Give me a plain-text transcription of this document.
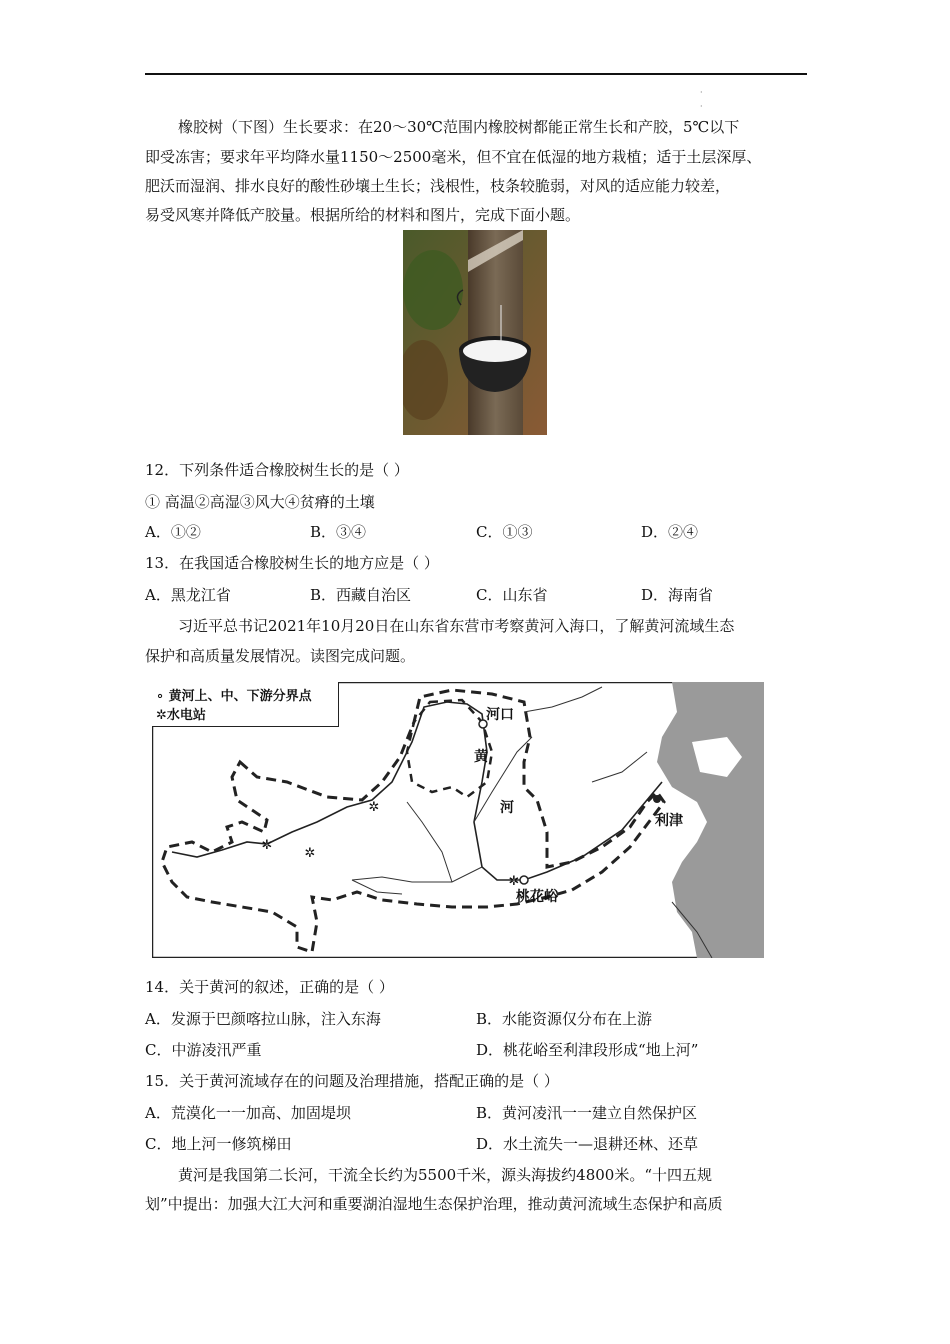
·
·
橡胶树（下图）生长要求：在20～30℃范围内橡胶树都能正常生长和产胶，5℃以下
即受冻害；要求年平均降水量1150～2500毫米，但不宜在低湿的地方栽植；适于土层深厚、
肥沃而湿润、排水良好的酸性砂壤土生长；浅根性，枝条较脆弱，对风的适应能力较差，
易受风寒并降低产胶量。根据所给的材料和图片，完成下面小题。
12．下列条件适合橡胶树生长的是（ ）
① 高温②高湿③风大④贫瘠的土壤
A．①②	B．③④	C．①③	D．②④
13．在我国适合橡胶树生长的地方应是（ ）
A．黑龙江省	B．西藏自治区	C．山东省	D．海南省
习近平总书记2021年10月20日在山东省东营市考察黄河入海口，了解黄河流域生态
保护和高质量发展情况。读图完成问题。
✲
✲
✲
✲
∘ 黄河上、中、下游分界点
✲水电站	河口
黄
河
利津
桃花峪
14．关于黄河的叙述，正确的是（ ）
A．发源于巴颜喀拉山脉，注入东海	B．水能资源仅分布在上游
C．中游凌汛严重	D．桃花峪至利津段形成“地上河”
15．关于黄河流域存在的问题及治理措施，搭配正确的是（ ）
A．荒漠化一一加高、加固堤坝	B．黄河凌汛一一建立自然保护区
C．地上河一修筑梯田	D．水土流失一—退耕还林、还草
黄河是我国第二长河，干流全长约为5500千米，源头海拔约4800米。“十四五规
划”中提出：加强大江大河和重要湖泊湿地生态保护治理，推动黄河流域生态保护和高质
